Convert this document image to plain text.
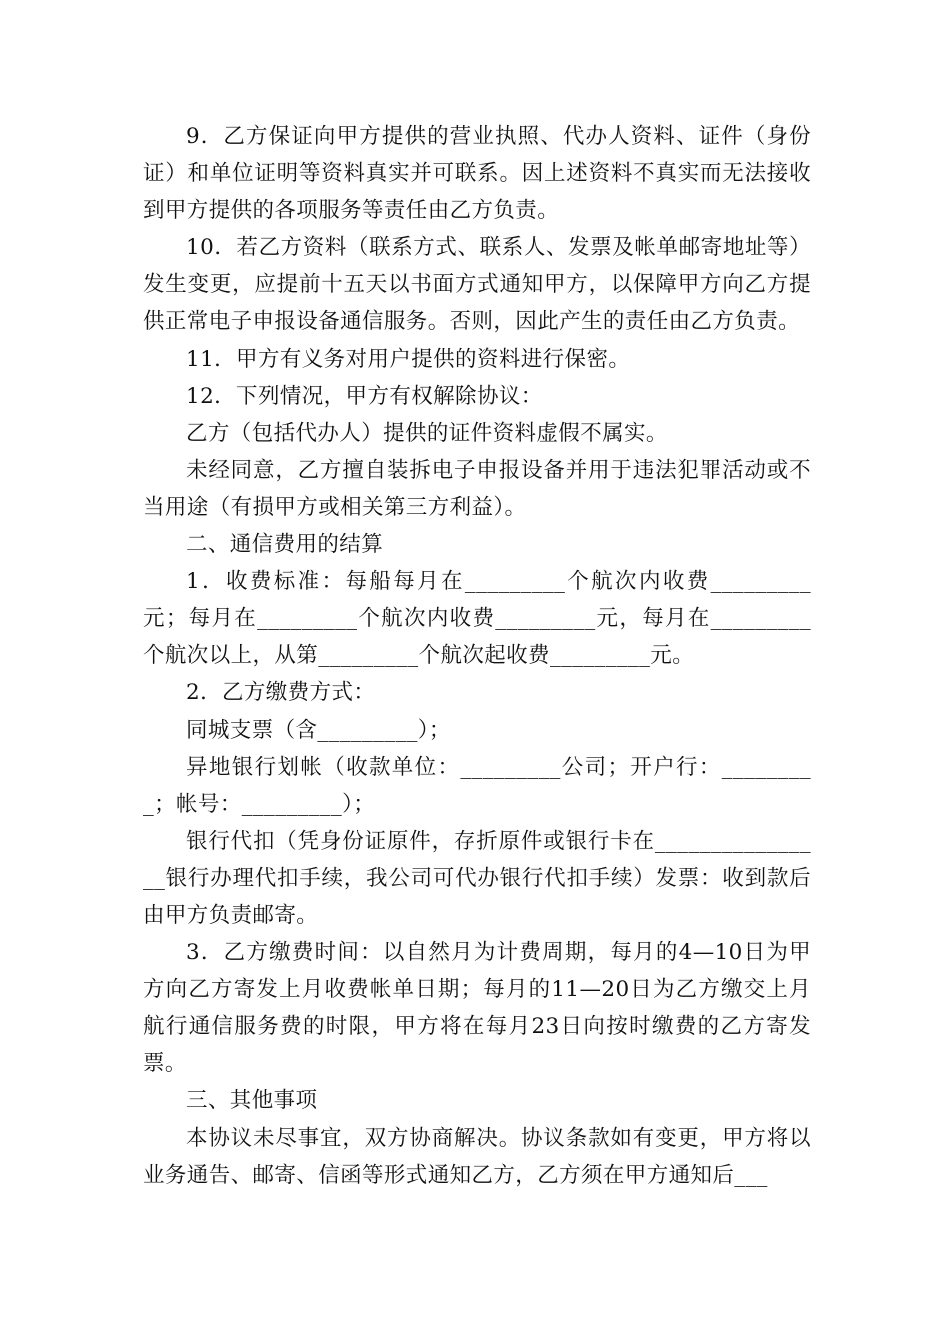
9．乙方保证向甲方提供的营业执照、代办人资料、证件（身份证）和单位证明等资料真实并可联系。因上述资料不真实而无法接收到甲方提供的各项服务等责任由乙方负责。

10．若乙方资料（联系方式、联系人、发票及帐单邮寄地址等）发生变更，应提前十五天以书面方式通知甲方，以保障甲方向乙方提供正常电子申报设备通信服务。否则，因此产生的责任由乙方负责。

11．甲方有义务对用户提供的资料进行保密。

12．下列情况，甲方有权解除协议：

乙方（包括代办人）提供的证件资料虚假不属实。

未经同意，乙方擅自装拆电子申报设备并用于违法犯罪活动或不当用途（有损甲方或相关第三方利益）。

二、通信费用的结算

1．收费标准：每船每月在_________个航次内收费_________元；每月在_________个航次内收费_________元，每月在_________个航次以上，从第_________个航次起收费_________元。

2．乙方缴费方式：

同城支票（含_________）；

异地银行划帐（收款单位：_________公司；开户行：_________；帐号：_________）；

银行代扣（凭身份证原件，存折原件或银行卡在________________银行办理代扣手续，我公司可代办银行代扣手续）发票：收到款后由甲方负责邮寄。

3．乙方缴费时间：以自然月为计费周期，每月的4—10日为甲方向乙方寄发上月收费帐单日期；每月的11—20日为乙方缴交上月航行通信服务费的时限，甲方将在每月23日向按时缴费的乙方寄发票。

三、其他事项

本协议未尽事宜，双方协商解决。协议条款如有变更，甲方将以业务通告、邮寄、信函等形式通知乙方，乙方须在甲方通知后___
